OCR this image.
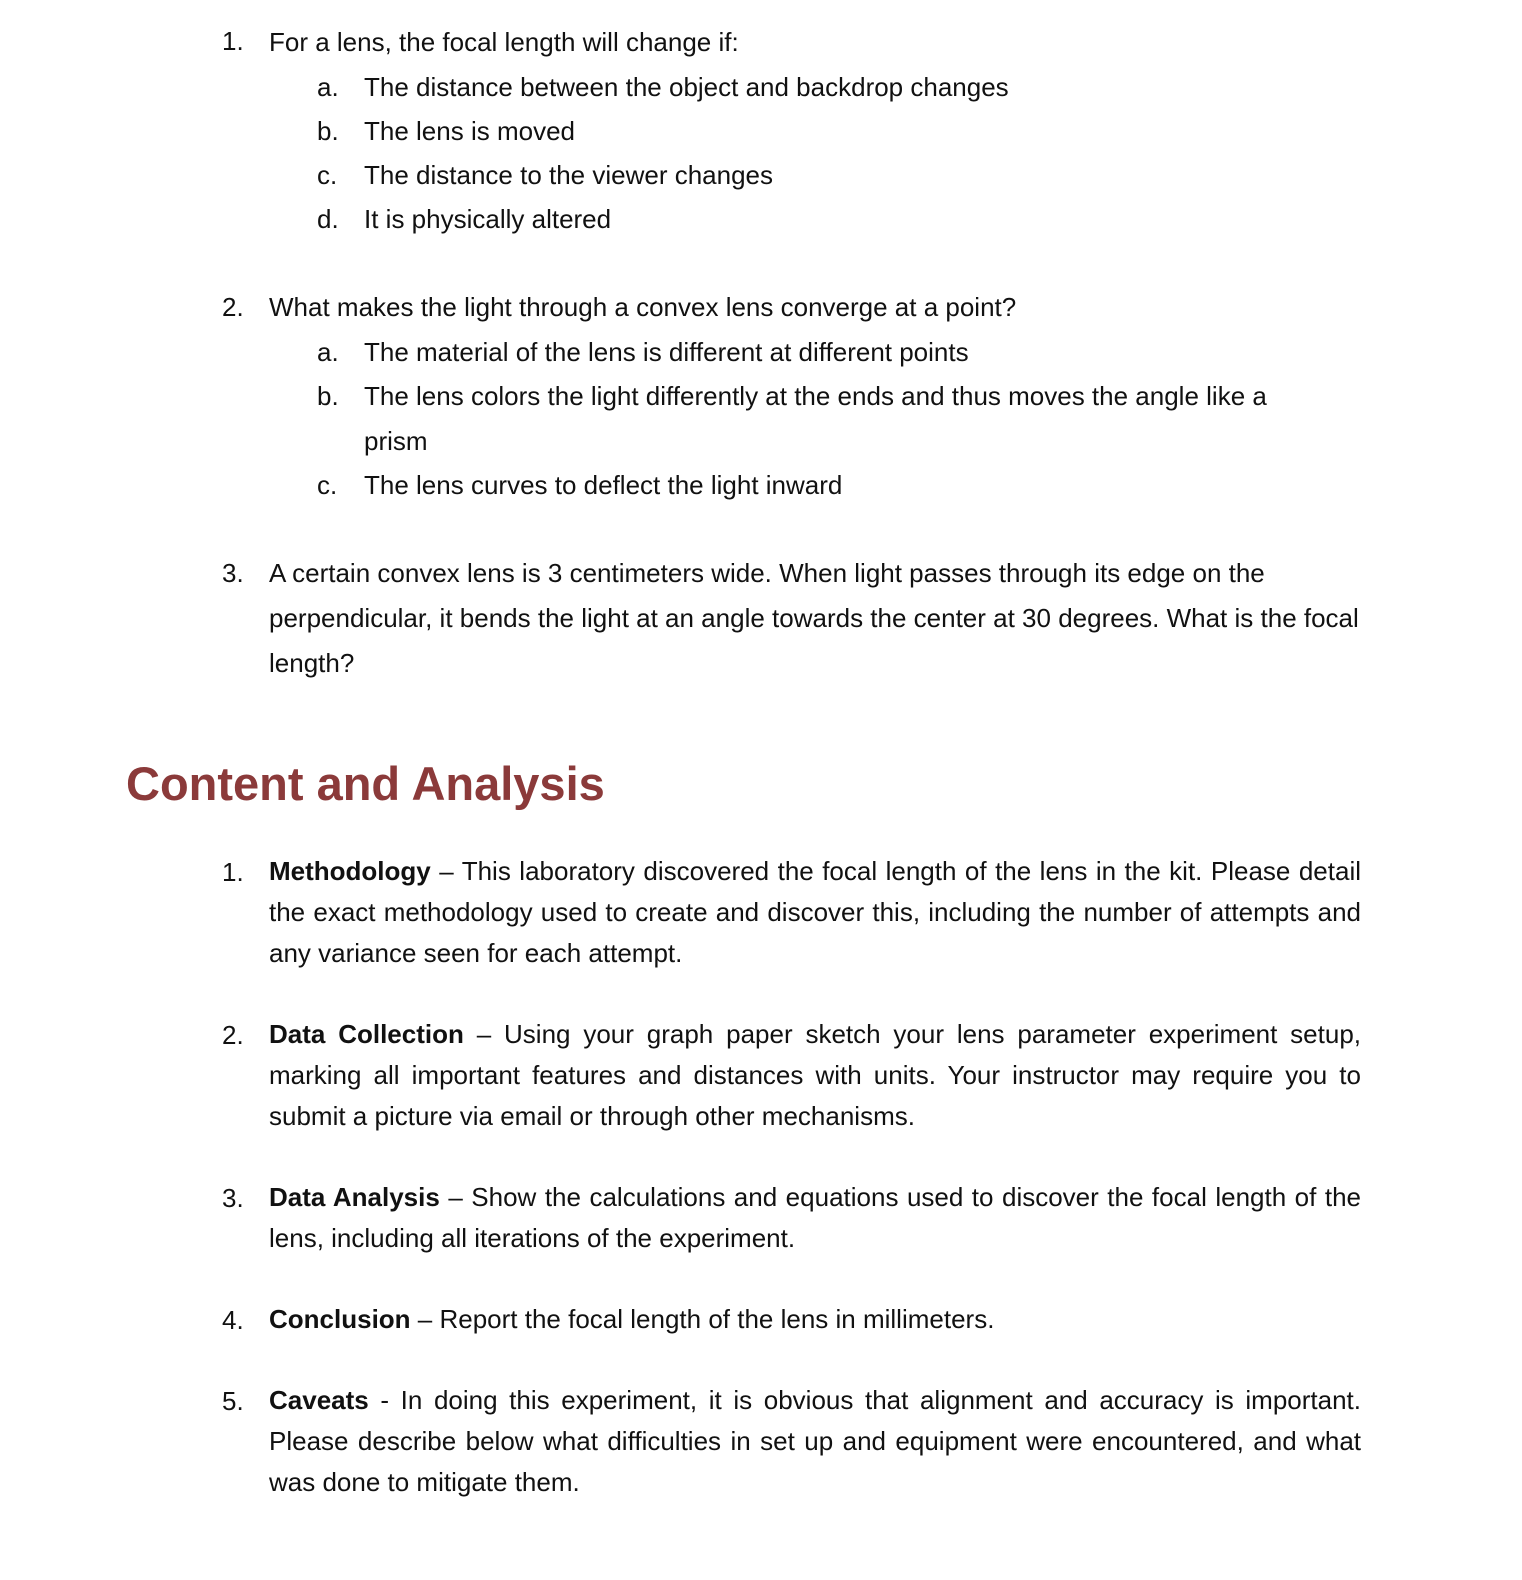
1. For a lens, the focal length will change if:
a. The distance between the object and backdrop changes
b. The lens is moved
c.	The distance to the viewer changes
d. It is physically altered
2. What makes the light through a convex lens converge at a point?
a. The material of the lens is different at different points
b. The lens colors the light differently at the ends and thus moves the angle like a prism
c.	The lens curves to deflect the light inward
3. A certain convex lens is 3 centimeters wide. When light passes through its edge on the perpendicular, it bends the light at an angle towards the center at 30 degrees. What is the focal length?
Content and Analysis
1. Methodology – This laboratory discovered the focal length of the lens in the kit. Please detail the exact methodology used to create and discover this, including the number of attempts and any variance seen for each attempt.
2. Data Collection – Using your graph paper sketch your lens parameter experiment setup, marking all important features and distances with units. Your instructor may require you to submit a picture via email or through other mechanisms.
3. Data Analysis – Show the calculations and equations used to discover the focal length of the lens, including all iterations of the experiment.
4. Conclusion – Report the focal length of the lens in millimeters.
5. Caveats - In doing this experiment, it is obvious that alignment and accuracy is important. Please describe below what difficulties in set up and equipment were encountered, and what was done to mitigate them.
